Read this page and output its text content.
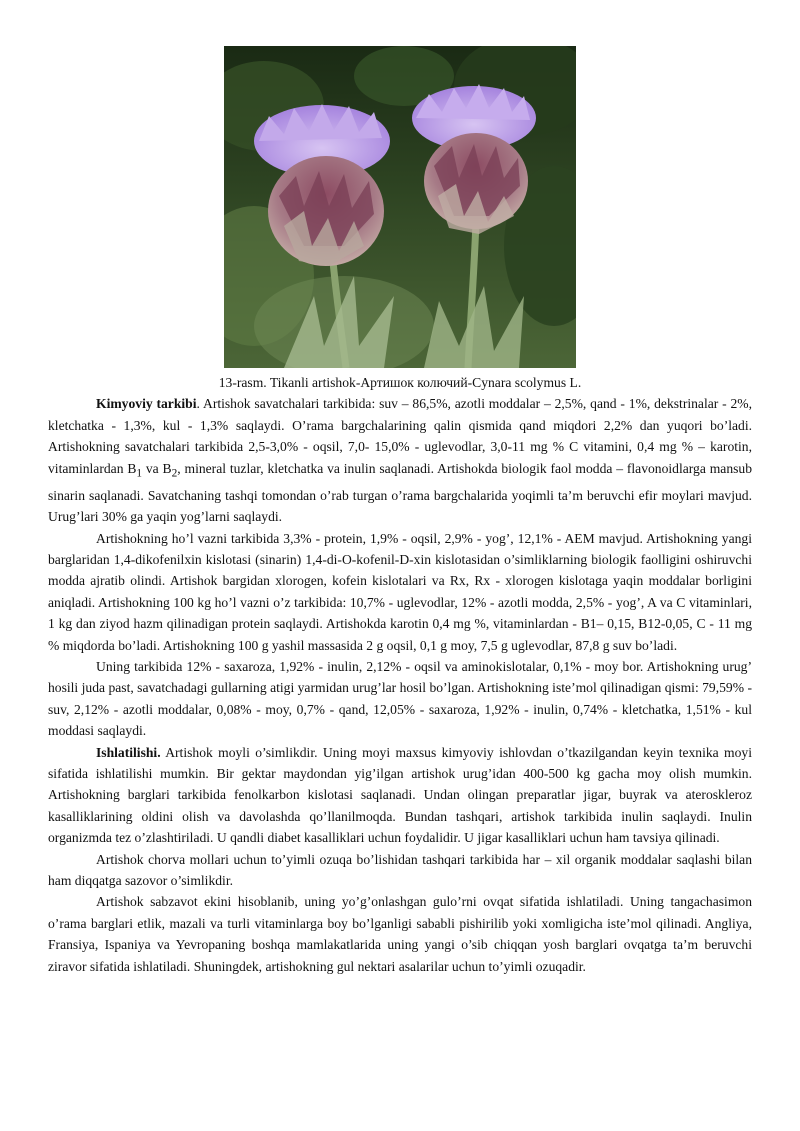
13-rasm. Tikanli artishok-Артишок колючий-Cynara scolymus L.

Kimyoviy tarkibi. Artishok savatchalari tarkibida: suv – 86,5%, azotli moddalar – 2,5%, qand - 1%, dekstrinalar - 2%, kletchatka - 1,3%, kul - 1,3% saqlaydi. O’rama bargchalarining qalin qismida qand miqdori 2,2% dan yuqori bo’ladi. Artishokning savatchalari tarkibida 2,5-3,0% - oqsil, 7,0- 15,0% - uglevodlar, 3,0-11 mg % C vitamini, 0,4 mg % – karotin, vitaminlardan $B_1$ va $B_2$, mineral tuzlar, kletchatka va inulin saqlanadi. Artishokda biologik faol modda – flavonoidlarga mansub sinarin saqlanadi. Savatchaning tashqi tomondan o’rab turgan o’rama bargchalarida yoqimli ta’m beruvchi efir moylari mavjud. Urug’lari 30% ga yaqin yog’larni saqlaydi.

Artishokning ho’l vazni tarkibida 3,3% - protein, 1,9% - oqsil, 2,9% - yog’, 12,1% - AEM mavjud. Artishokning yangi barglaridan 1,4-dikofenilxin kislotasi (sinarin) 1,4-di-O-kofenil-D-xin kislotasidan o’simliklarning biologik faolligini oshiruvchi modda ajratib olindi. Artishok bargidan xlorogen, kofein kislotalari va Rx, Rx - xlorogen kislotaga yaqin moddalar borligini aniqladi. Artishokning 100 kg ho’l vazni o’z tarkibida: 10,7% - uglevodlar, 12% - azotli modda, 2,5% - yog’, A va C vitaminlari, 1 kg dan ziyod hazm qilinadigan protein saqlaydi. Artishokda karotin 0,4 mg %, vitaminlardan - B1– 0,15, B12-0,05, C - 11 mg % miqdorda bo’ladi. Artishokning 100 g yashil massasida 2 g oqsil, 0,1 g moy, 7,5 g uglevodlar, 87,8 g suv bo’ladi.

Uning tarkibida 12% - saxaroza, 1,92% - inulin, 2,12% - oqsil va aminokislotalar, 0,1% - moy bor. Artishokning urug’ hosili juda past, savatchadagi gullarning atigi yarmidan urug’lar hosil bo’lgan. Artishokning iste’mol qilinadigan qismi: 79,59% - suv, 2,12% - azotli moddalar, 0,08% - moy, 0,7% - qand, 12,05% - saxaroza, 1,92% - inulin, 0,74% - kletchatka, 1,51% - kul moddasi saqlaydi.

Ishlatilishi. Artishok moyli o’simlikdir. Uning moyi maxsus kimyoviy ishlovdan o’tkazilgandan keyin texnika moyi sifatida ishlatilishi mumkin. Bir gektar maydondan yig’ilgan artishok urug’idan 400-500 kg gacha moy olish mumkin. Artishokning barglari tarkibida fenolkarbon kislotasi saqlanadi. Undan olingan preparatlar jigar, buyrak va aterosklеroz kasalliklarining oldini olish va davolashda qo’llanilmoqda. Bundan tashqari, artishok tarkibida inulin saqlaydi. Inulin organizmda tez o’zlashtiriladi. U qandli diabet kasalliklari uchun foydalidir. U jigar kasalliklari uchun ham tavsiya qilinadi.

Artishok chorva mollari uchun to’yimli ozuqa bo’lishidan tashqari tarkibida har – xil organik moddalar saqlashi bilan ham diqqatga sazovor o’simlikdir.

Artishok sabzavot ekini hisoblanib, uning yo’g’onlashgan gulo’rni ovqat sifatida ishlatiladi. Uning tangachasimon o’rama barglari etlik, mazali va turli vitaminlarga boy bo’lganligi sababli pishirilib yoki xomligicha iste’mol qilinadi. Angliya, Fransiya, Ispaniya va Yevropaning boshqa mamlakatlarida uning yangi o’sib chiqqan yosh barglari ovqatga ta’m beruvchi ziravor sifatida ishlatiladi. Shuningdek, artishokning gul nektari asalarilar uchun to’yimli ozuqadir.
